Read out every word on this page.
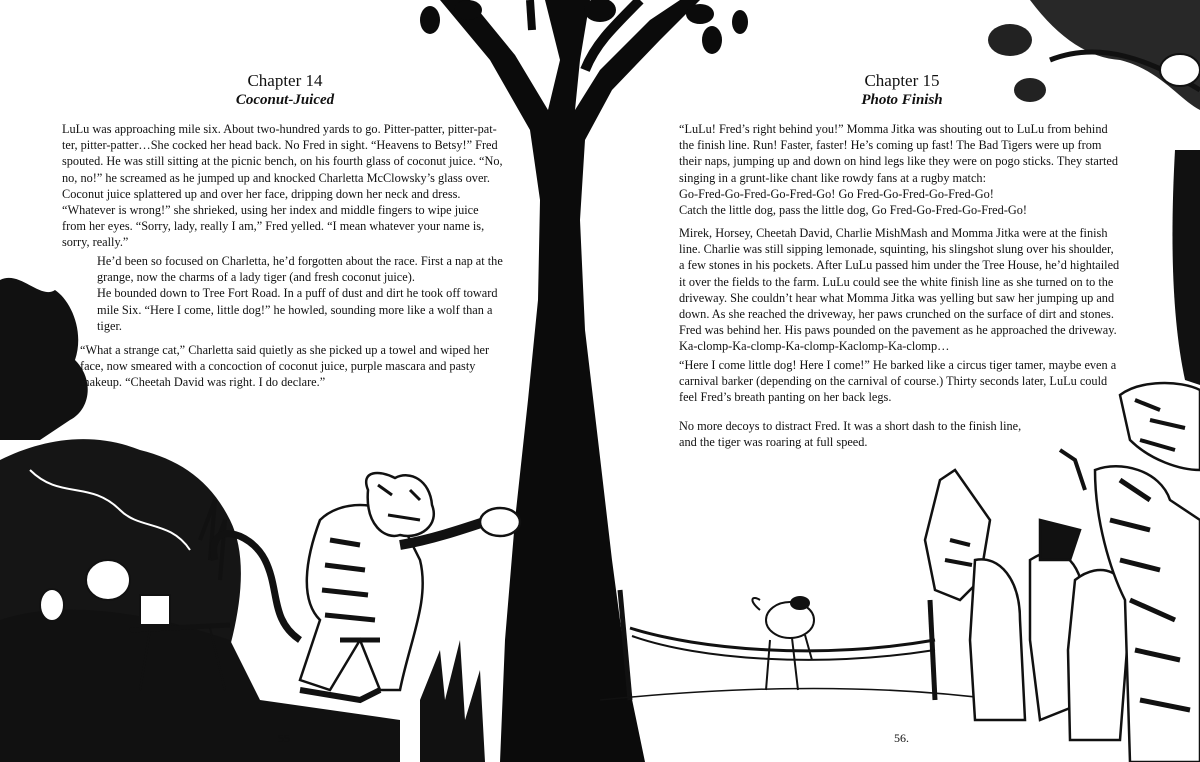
Chapter 14
Coconut-Juiced

LuLu was approaching mile six. About two-hundred yards to go. Pitter-patter, pitter-pat-
ter, pitter-patter…She cocked her head back. No Fred in sight. “Heavens to Betsy!” Fred
spouted. He was still sitting at the picnic bench, on his fourth glass of coconut juice. “No,
no, no!” he screamed as he jumped up and knocked Charletta McClowsky’s glass over.
Coconut juice splattered up and over her face, dripping down her neck and dress.
“Whatever is wrong!” she shrieked, using her index and middle fingers to wipe juice
from her eyes. “Sorry, lady, really I am,” Fred yelled. “I mean whatever your name is,
sorry, really.”

He’d been so focused on Charletta, he’d forgotten about the race. First a nap at the
grange, now the charms of a lady tiger (and fresh coconut juice).
He bounded down to Tree Fort Road. In a puff of dust and dirt he took off toward
mile Six. “Here I come, little dog!” he howled, sounding more like a wolf than a
tiger.

“What a strange cat,” Charletta said quietly as she picked up a towel and wiped her
face, now smeared with a concoction of coconut juice, purple mascara and pasty
makeup. “Cheetah David was right. I do declare.”

55
Chapter 15
Photo Finish

“LuLu! Fred’s right behind you!” Momma Jitka was shouting out to LuLu from behind
the finish line. Run! Faster, faster! He’s coming up fast! The Bad Tigers were up from
their naps, jumping up and down on hind legs like they were on pogo sticks. They started
singing in a grunt-like chant like rowdy fans at a rugby match:
Go-Fred-Go-Fred-Go-Fred-Go! Go Fred-Go-Fred-Go-Fred-Go!
Catch the little dog, pass the little dog, Go Fred-Go-Fred-Go-Fred-Go!

Mirek, Horsey, Cheetah David, Charlie MishMash and Momma Jitka were at the finish
line. Charlie was still sipping lemonade, squinting, his slingshot slung over his shoulder,
a few stones in his pockets. After LuLu passed him under the Tree House, he’d hightailed
it over the fields to the farm. LuLu could see the white finish line as she turned on to the
driveway. She couldn’t hear what Momma Jitka was yelling but saw her jumping up and
down. As she reached the driveway, her paws crunched on the surface of dirt and stones.
Fred was behind her. His paws pounded on the pavement as he approached the driveway.
Ka-clomp-Ka-clomp-Ka-clomp-Kaclomp-Ka-clomp…

“Here I come little dog! Here I come!” He barked like a circus tiger tamer, maybe even a
carnival barker (depending on the carnival of course.) Thirty seconds later, LuLu could
feel Fred’s breath panting on her back legs.

No more decoys to distract Fred. It was a short dash to the finish line,
and the tiger was roaring at full speed.

56.
